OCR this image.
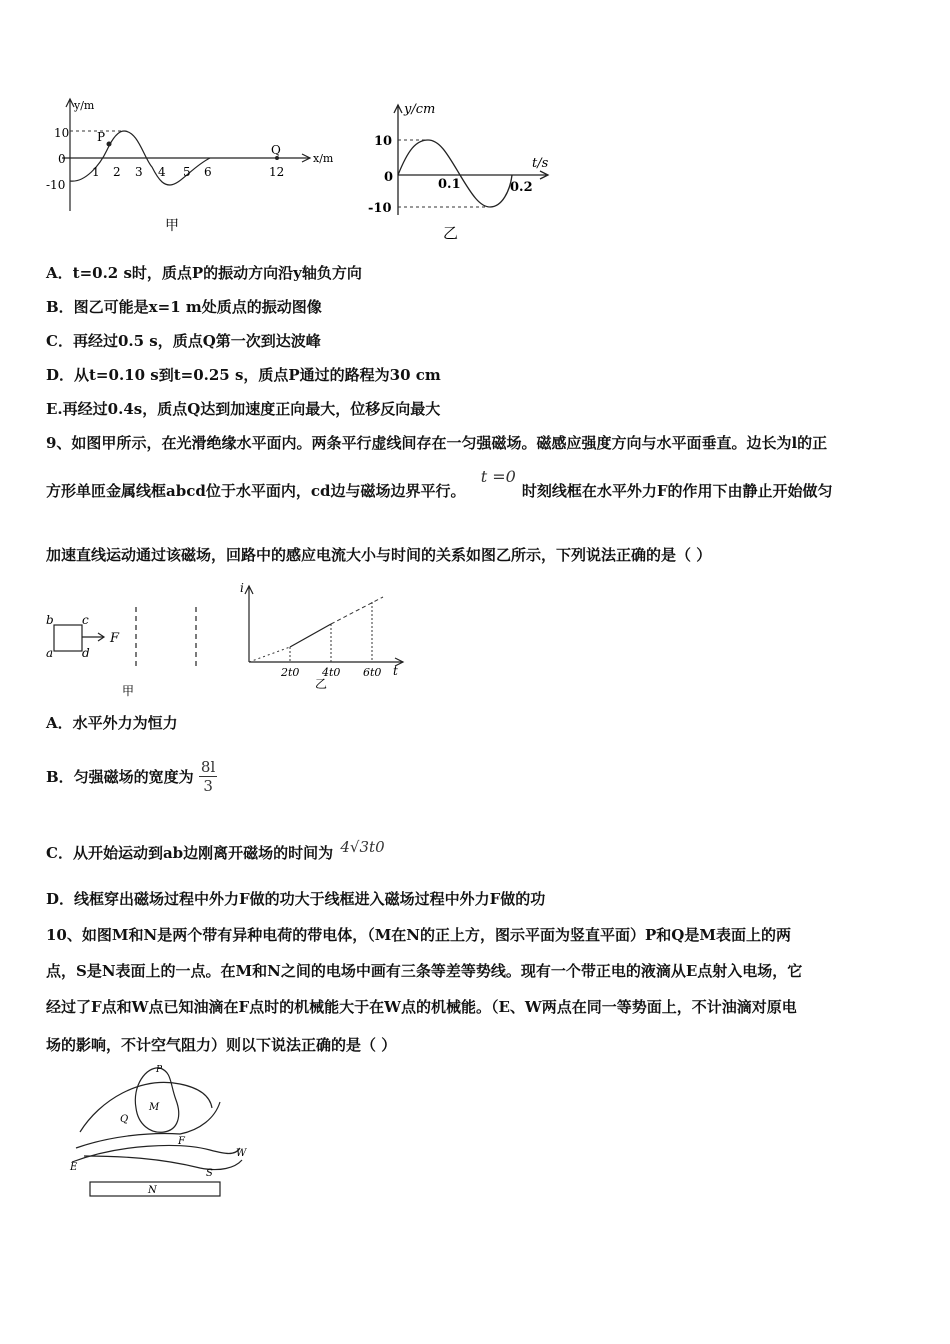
y/m
x/m
10
0
-10
1 2 3 4 5 6	12
P
Q
甲
y/cm
t/s
10
0
-10
0.1	0.2
乙
A．t=0.2 s时，质点P的振动方向沿y轴负方向
B．图乙可能是x=1 m处质点的振动图像
C．再经过0.5 s，质点Q第一次到达波峰
D．从t=0.10 s到t=0.25 s，质点P通过的路程为30 cm
E.再经过0.4s，质点Q达到加速度正向最大，位移反向最大
9、如图甲所示，在光滑绝缘水平面内。两条平行虚线间存在一匀强磁场。磁感应强度方向与水平面垂直。边长为l的正
方形单匝金属线框abcd位于水平面内，cd边与磁场边界平行。 t =0时刻线框在水平外力F的作用下由静止开始做匀
加速直线运动通过该磁场，回路中的感应电流大小与时间的关系如图乙所示，下列说法正确的是（ ）
b c
a d
F
甲
i
t
2t0 4t0 6t0
乙
A．水平外力为恒力
B．匀强磁场的宽度为 $\frac{8l}{3}$
C．从开始运动到ab边刚离开磁场的时间为 4√3t0
D．线框穿出磁场过程中外力F做的功大于线框进入磁场过程中外力F做的功
10、如图M和N是两个带有异种电荷的带电体，（M在N的正上方，图示平面为竖直平面）P和Q是M表面上的两
点，S是N表面上的一点。在M和N之间的电场中画有三条等差等势线。现有一个带正电的液滴从E点射入电场，它
经过了F点和W点已知油滴在F点时的机械能大于在W点的机械能。（E、W两点在同一等势面上，不计油滴对原电
场的影响，不计空气阻力）则以下说法正确的是（ ）
P
M
Q
F
W
E
S
N
